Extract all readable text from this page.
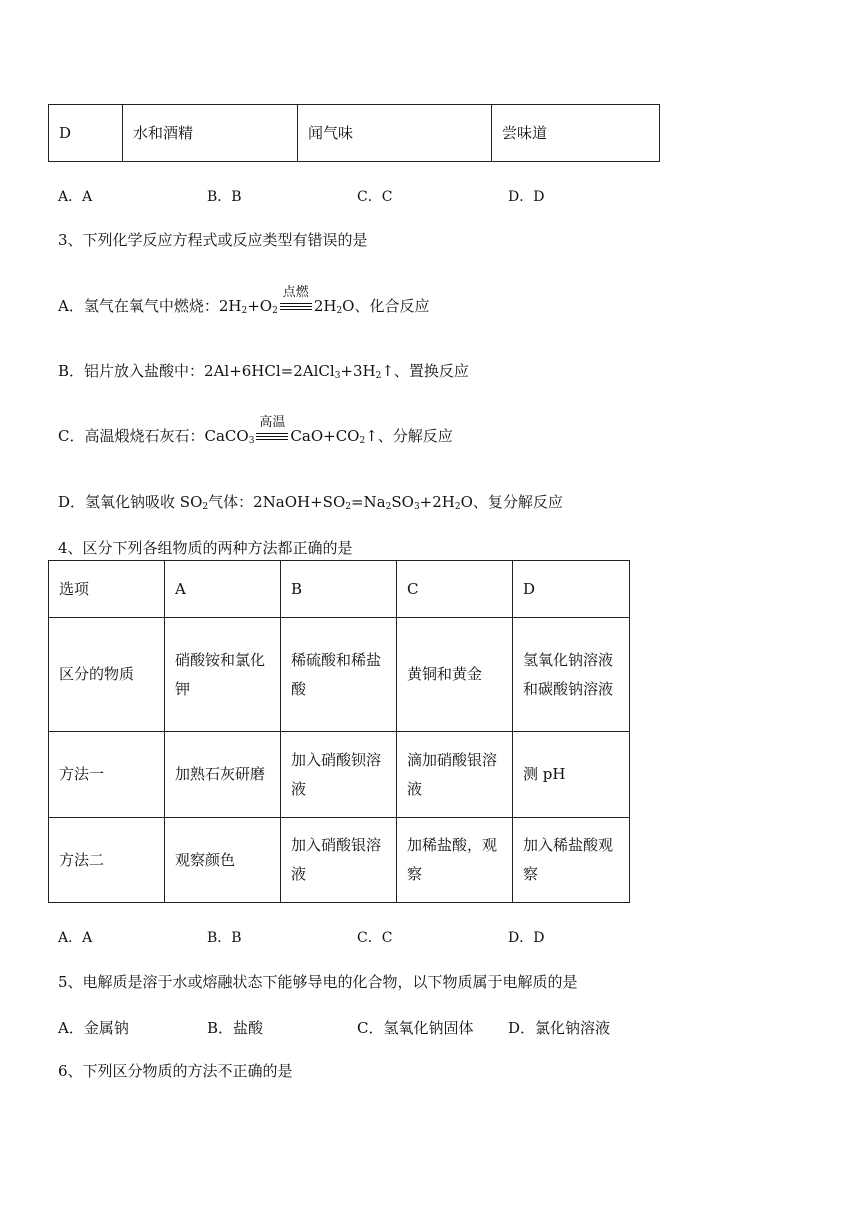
D	水和酒精	闻气味	尝味道
A．A	B．B	C．C	D．D
3、下列化学反应方程式或反应类型有错误的是
A．氢气在氧气中燃烧：$2H_2+O_2$
点燃
$2H_2O$、化合反应
B．铝片放入盐酸中：$2Al+6HCl=2AlCl_3+3H_2↑$、置换反应
C．高温煅烧石灰石：CaCO$_3$
高温
$CaO+CO_2↑$、分解反应
D．氢氧化钠吸收 $SO_2$气体：$2NaOH+SO_2=Na_2SO_3+2H_2O$、复分解反应
4、区分下列各组物质的两种方法都正确的是
选项	A	B	C	D
区分的物质	硝酸铵和氯化钾	稀硫酸和稀盐酸	黄铜和黄金	氢氧化钠溶液和碳酸钠溶液
方法一	加熟石灰研磨	加入硝酸钡溶液	滴加硝酸银溶液	测 pH
方法二	观察颜色	加入硝酸银溶液	加稀盐酸，观察	加入稀盐酸观察
A．A	B．B	C．C	D．D
5、电解质是溶于水或熔融状态下能够导电的化合物，以下物质属于电解质的是
A．金属钠	B．盐酸	C．氢氧化钠固体 D．氯化钠溶液
6、下列区分物质的方法不正确的是
